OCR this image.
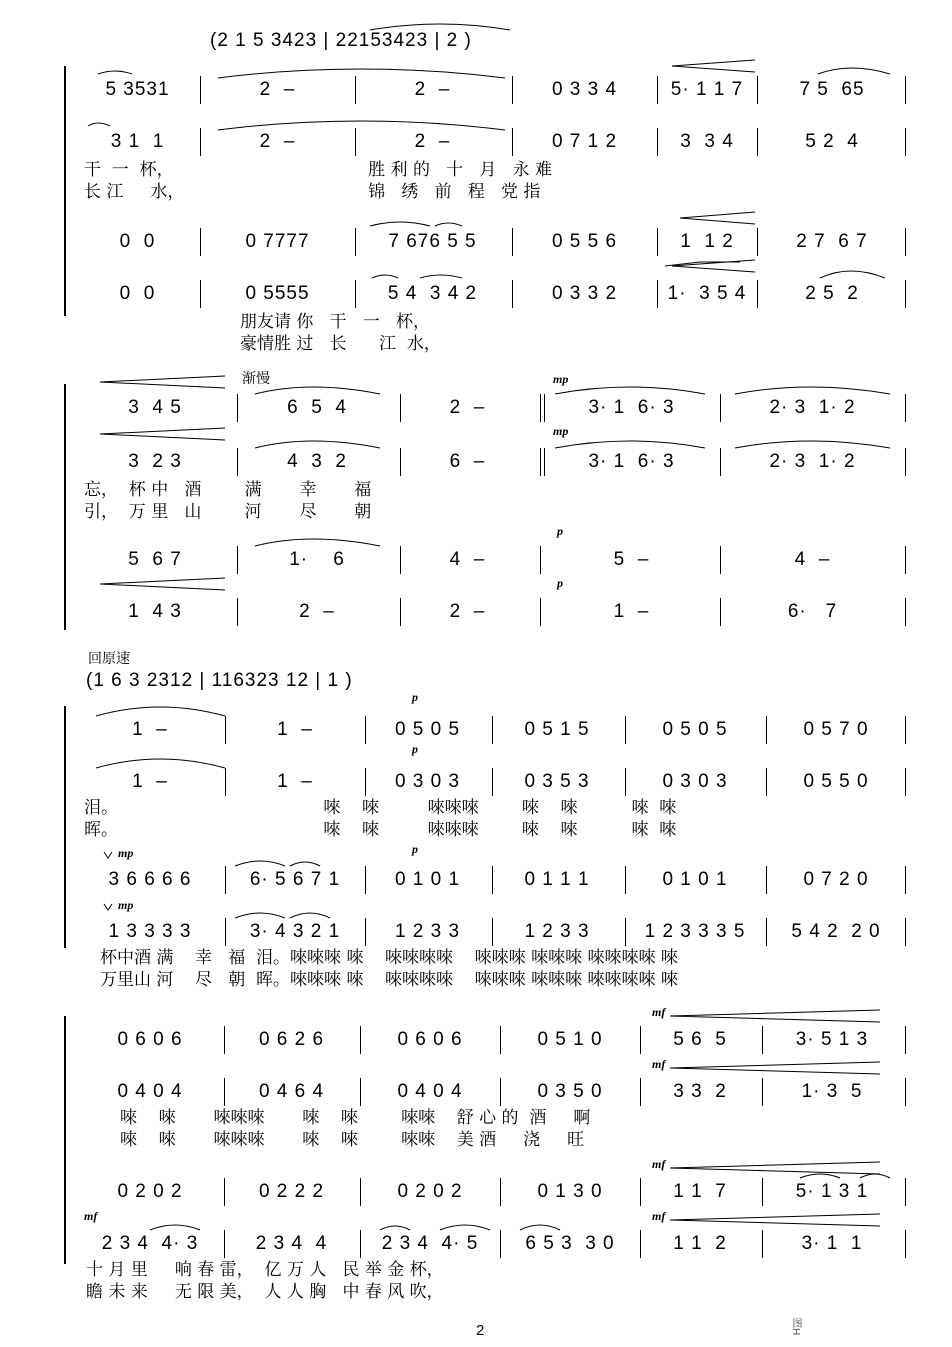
(2 1 5 3423 | 22153423 | 2 )
5 3531	2  –	2  –	0 3 3 4	5· 1 1 7	7 5  65
3 1  1	2  –	2  –	0 7 1 2	3  3 4	5 2  4
干  一  杯，                                    胜 利 的   十   月   永 难
长 江     水，                                  锦   绣   前   程   党 指
0  0	0 7777	7 676 5 5	0 5 5 6	1  1 2	2 7  6 7
0  0	0 5555	5 4  3 4 2	0 3 3 2	1·  3 5 4	2 5  2
朋友请 你   干   一   杯，
豪情胜 过   长      江  水，
渐慢	mp
mp
p
p
3  4 5	6  5  4	2  –	3· 1  6· 3	2· 3  1· 2
3  2 3	4  3  2	6  –	3· 1  6· 3	2· 3  1· 2
忘，  杯 中   酒        满       幸       福
引，  万 里   山        河       尽       朝
5  6 7	1·    6	4  –	5  –	4  –
1  4 3	2  –	2  –	1  –	6·   7
回原速
(1 6 3 2312 | 116323 12 | 1 )
p
p
mp	p
mp
1  –	1  –	0 5 0 5	0 5 1 5	0 5 0 5	0 5 7 0
1  –	1  –	0 3 0 3	0 3 5 3	0 3 0 3	0 5 5 0
泪。                                      唻    唻         唻唻唻        唻    唻          唻  唻
晖。                                      唻    唻         唻唻唻        唻    唻          唻  唻
3 6 6 6 6	6· 5 6 7 1	0 1 0 1	0 1 1 1	0 1 0 1	0 7 2 0
1 3 3 3 3	3· 4 3 2 1	1 2 3 3	1 2 3 3	1 2 3 3 3 5	5 4 2  2 0
杯中酒 满    幸   福  泪。唻唻唻 唻    唻唻唻唻    唻唻唻 唻唻唻 唻唻唻唻 唻
万里山 河    尽   朝  晖。唻唻唻 唻    唻唻唻唻    唻唻唻 唻唻唻 唻唻唻唻 唻
mf
mf
mf
mf	mf
0 6 0 6	0 6 2 6	0 6 0 6	0 5 1 0	5 6  5	3· 5 1 3
0 4 0 4	0 4 6 4	0 4 0 4	0 3 5 0	3 3  2	1· 3  5
唻    唻       唻唻唻       唻    唻        唻唻    舒 心 的  酒     啊
唻    唻       唻唻唻       唻    唻        唻唻    美 酒     浇     旺
0 2 0 2	0 2 2 2	0 2 0 2	0 1 3 0	1 1  7	5· 1 3 1
2 3 4  4· 3	2 3 4  4	2 3 4  4· 5	6 5 3  3 0	1 1  2	3· 1  1
十 月 里     响 春 雷，  亿 万 人   民 举 金 杯，
瞻 未 来     无 限 美，  人 人 胸   中 春 风 吹，
2	图H
